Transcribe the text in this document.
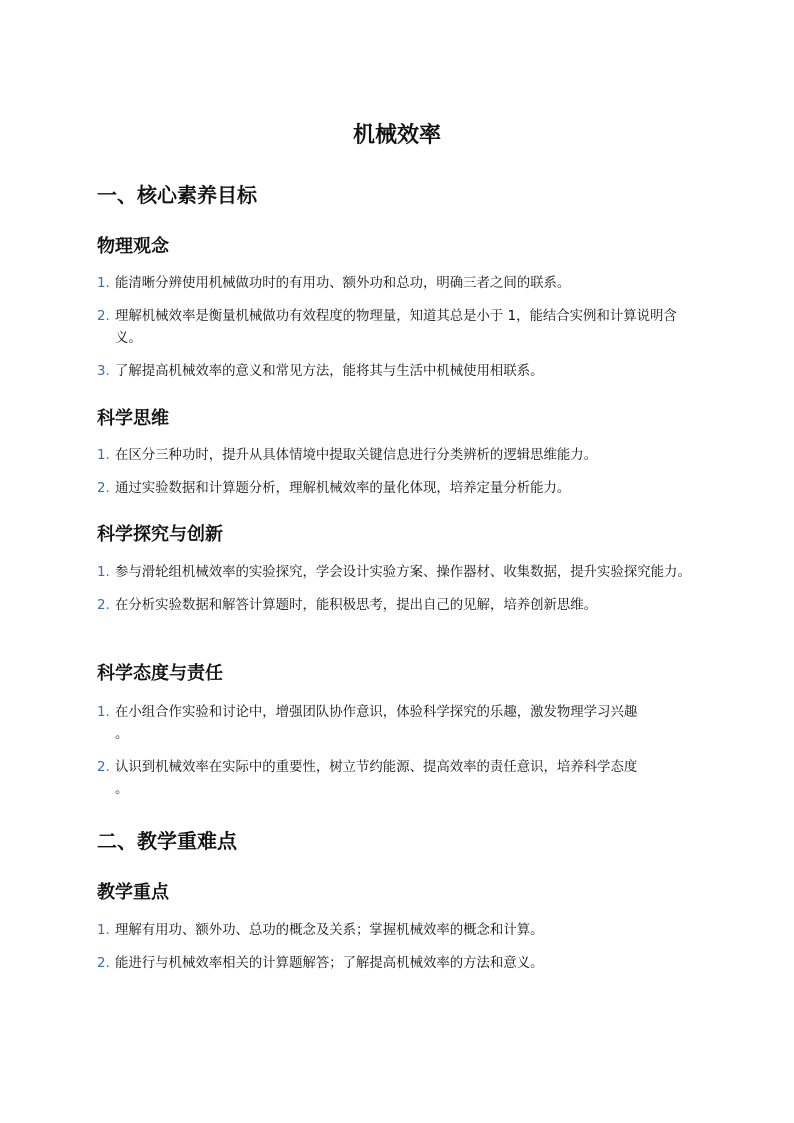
机械效率
一、核心素养目标
物理观念
1. 能清晰分辨使用机械做功时的有用功、额外功和总功，明确三者之间的联系。
2. 理解机械效率是衡量机械做功有效程度的物理量，知道其总是小于 1，能结合实例和计算说明含义。
3. 了解提高机械效率的意义和常见方法，能将其与生活中机械使用相联系。
科学思维
1. 在区分三种功时，提升从具体情境中提取关键信息进行分类辨析的逻辑思维能力。
2. 通过实验数据和计算题分析，理解机械效率的量化体现，培养定量分析能力。
科学探究与创新
1. 参与滑轮组机械效率的实验探究，学会设计实验方案、操作器材、收集数据，提升实验探究能力。
2. 在分析实验数据和解答计算题时，能积极思考，提出自己的见解，培养创新思维。
科学态度与责任
1. 在小组合作实验和讨论中，增强团队协作意识，体验科学探究的乐趣，激发物理学习兴趣
。
2. 认识到机械效率在实际中的重要性，树立节约能源、提高效率的责任意识，培养科学态度
。
二、教学重难点
教学重点
1. 理解有用功、额外功、总功的概念及关系；掌握机械效率的概念和计算。
2. 能进行与机械效率相关的计算题解答；了解提高机械效率的方法和意义。
